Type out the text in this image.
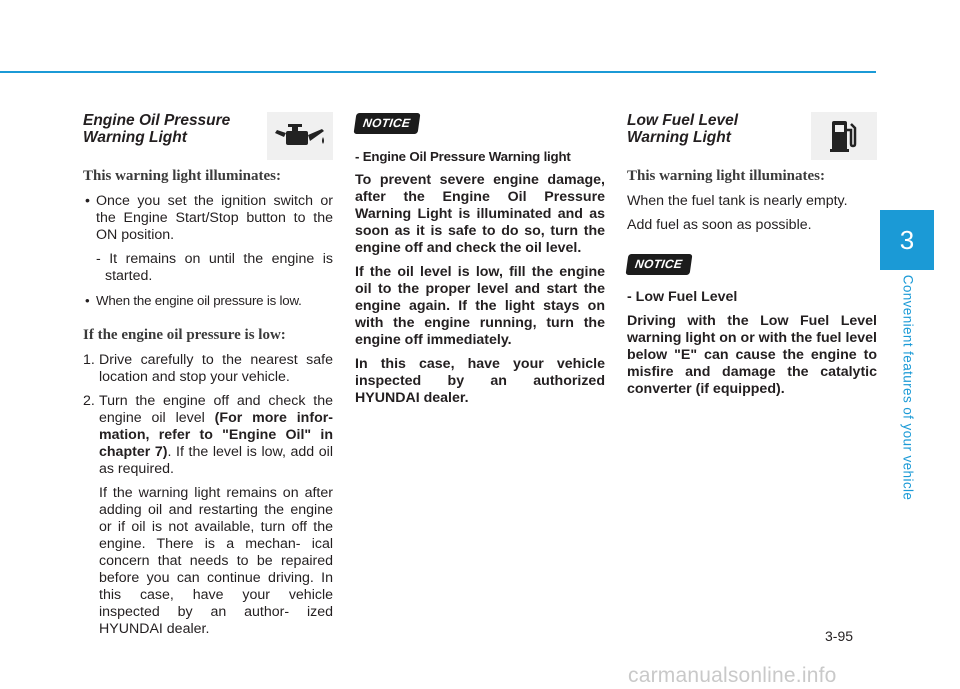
Engine Oil Pressure
Warning Light
This warning light illuminates:

• Once you set the ignition switch or the Engine Start/Stop button to the ON position.

- It remains on until the engine is started.

• When the engine oil pressure is low.

If the engine oil pressure is low:

1. Drive carefully to the nearest safe location and stop your vehicle.

2. Turn the engine off and check the engine oil level (For more infor- mation, refer to "Engine Oil" in chapter 7). If the level is low, add oil as required.

If the warning light remains on after adding oil and restarting the engine or if oil is not available, turn off the engine. There is a mechan- ical concern that needs to be repaired before you can continue driving. In this case, have your vehicle inspected by an author- ized HYUNDAI dealer.

NOTICE

- Engine Oil Pressure Warning light

To prevent severe engine damage, after the Engine Oil Pressure Warning Light is illuminated and as soon as it is safe to do so, turn the engine off and check the oil level.

If the oil level is low, fill the engine oil to the proper level and start the engine again. If the light stays on with the engine running, turn the engine off immediately.

In this case, have your vehicle inspected by an authorized HYUNDAI dealer.

Low Fuel Level
Warning Light
This warning light illuminates:

When the fuel tank is nearly empty.

Add fuel as soon as possible.

NOTICE

- Low Fuel Level

Driving with the Low Fuel Level warning light on or with the fuel level below "E" can cause the engine to misfire and damage the catalytic converter (if equipped).

3
Convenient features of your vehicle
3-95
carmanualsonline.info
